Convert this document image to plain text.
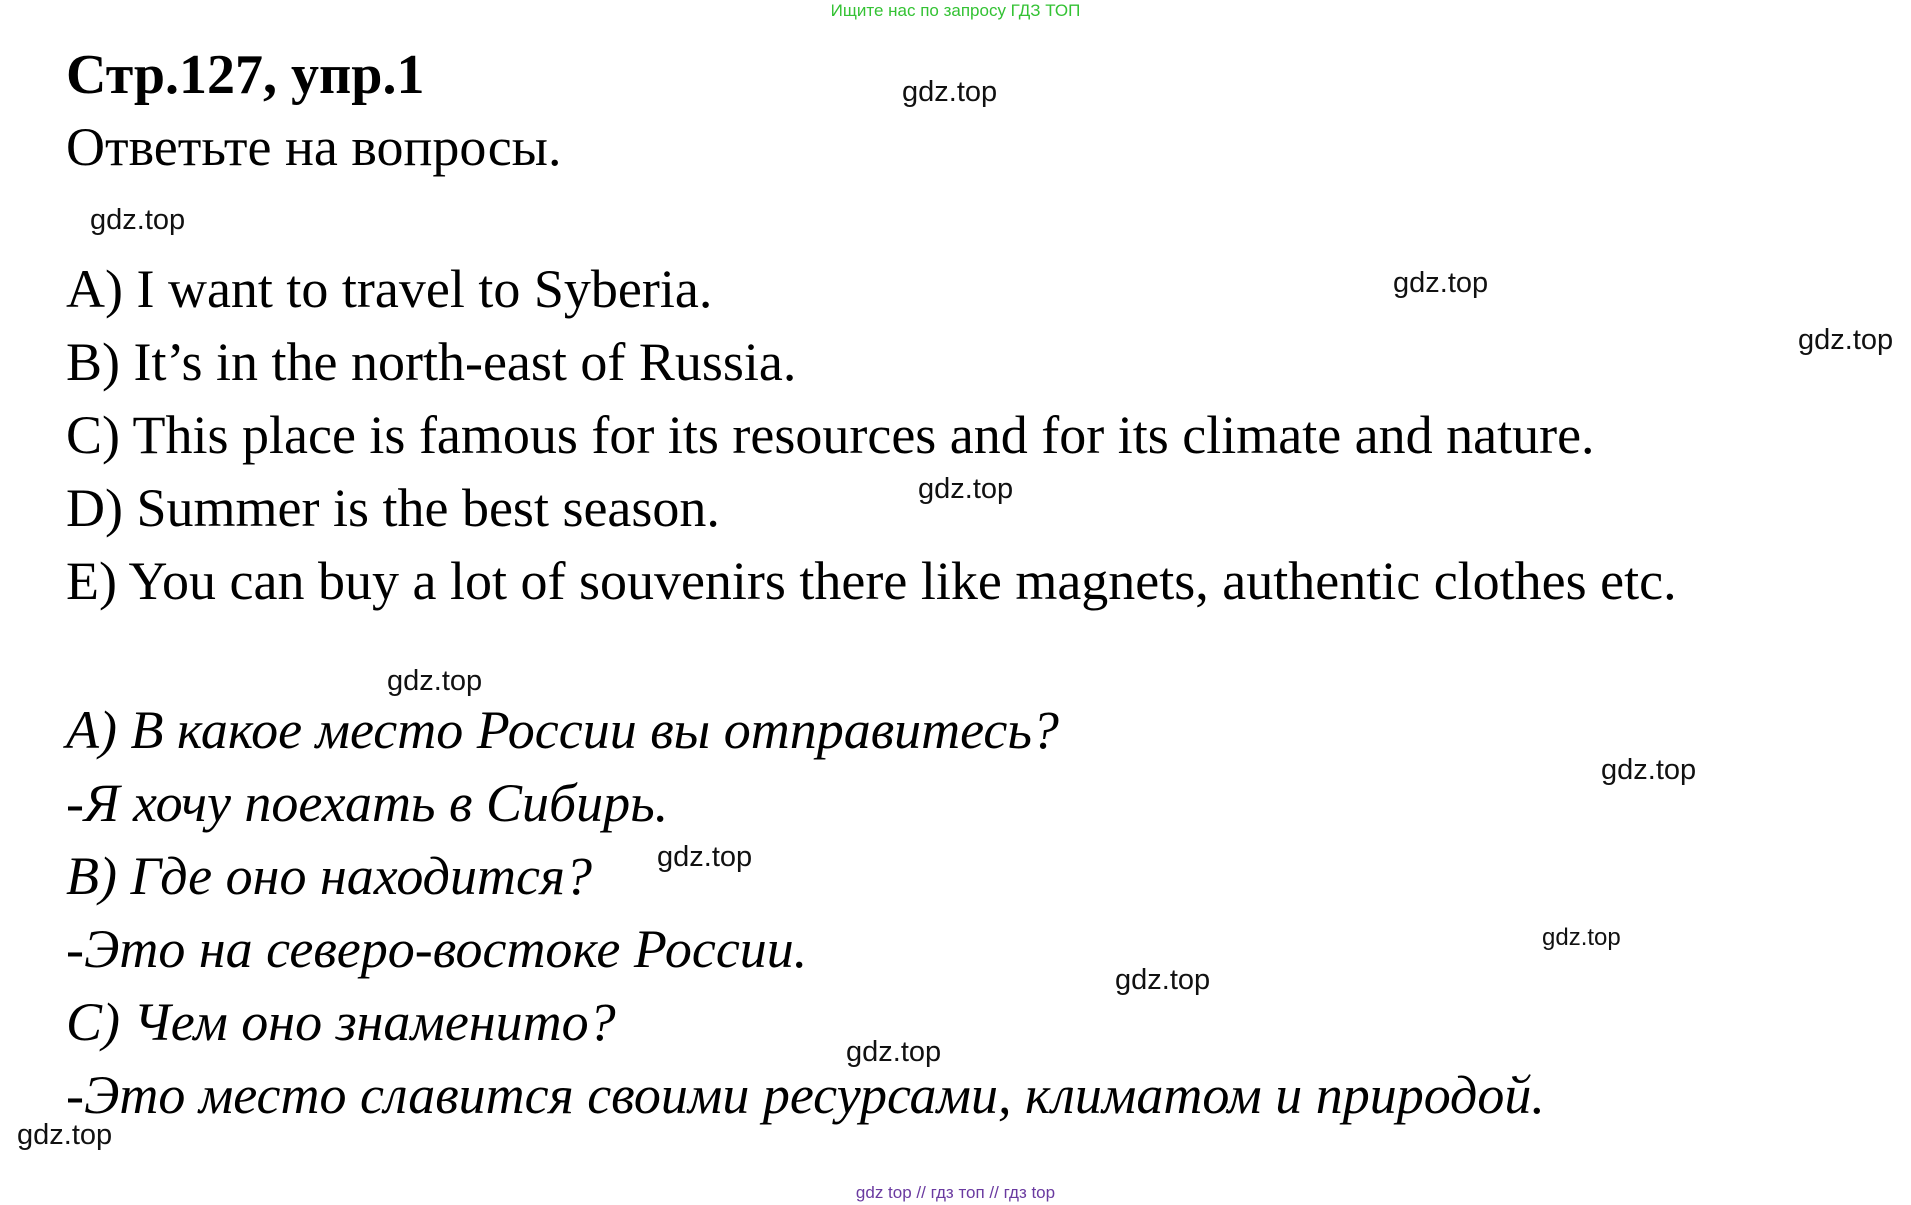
Ищите нас по запросу ГДЗ ТОП
Стр.127, упр.1
Ответьте на вопросы.
A) I want to travel to Syberia.
B) It’s in the north-east of Russia.
C) This place is famous for its resources and for its climate and nature.
D) Summer is the best season.
E) You can buy a lot of souvenirs there like magnets, authentic clothes etc.
A) В какое место России вы отправитесь?
-Я хочу поехать в Сибирь.
B) Где оно находится?
-Это на северо-востоке России.
C) Чем оно знаменито?
-Это место славится своими ресурсами, климатом и природой.
gdz.top
gdz.top
gdz.top
gdz.top
gdz.top
gdz.top
gdz.top
gdz.top
gdz.top
gdz.top
gdz.top
gdz.top
gdz top // гдз топ // гдз top
